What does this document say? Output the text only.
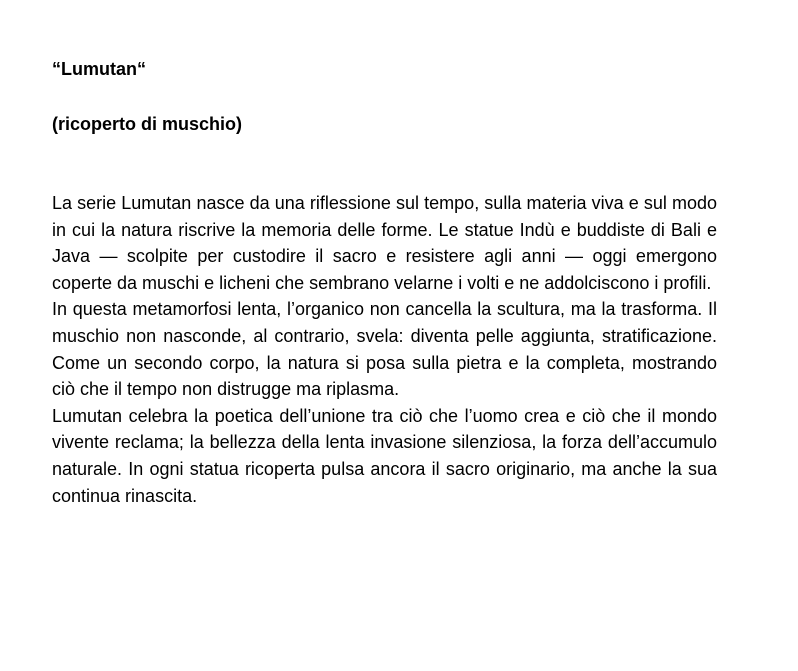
“Lumutan“
(ricoperto di muschio)

La serie Lumutan nasce da una riflessione sul tempo, sulla materia viva e sul modo in cui la natura riscrive la memoria delle forme. Le statue Indù e buddiste di Bali e Java — scolpite per custodire il sacro e resistere agli anni — oggi emergono coperte da muschi e licheni che sembrano velarne i volti e ne addolciscono i profili.

In questa metamorfosi lenta, l’organico non cancella la scultura, ma la trasforma. Il muschio non nasconde, al contrario, svela: diventa pelle aggiunta, stratificazione. Come un secondo corpo, la natura si posa sulla pietra e la completa, mostrando ciò che il tempo non distrugge ma riplasma.

Lumutan celebra la poetica dell’unione tra ciò che l’uomo crea e ciò che il mondo vivente reclama; la bellezza della lenta invasione silenziosa, la forza dell’accumulo naturale. In ogni statua ricoperta pulsa ancora il sacro originario, ma anche la sua continua rinascita.
